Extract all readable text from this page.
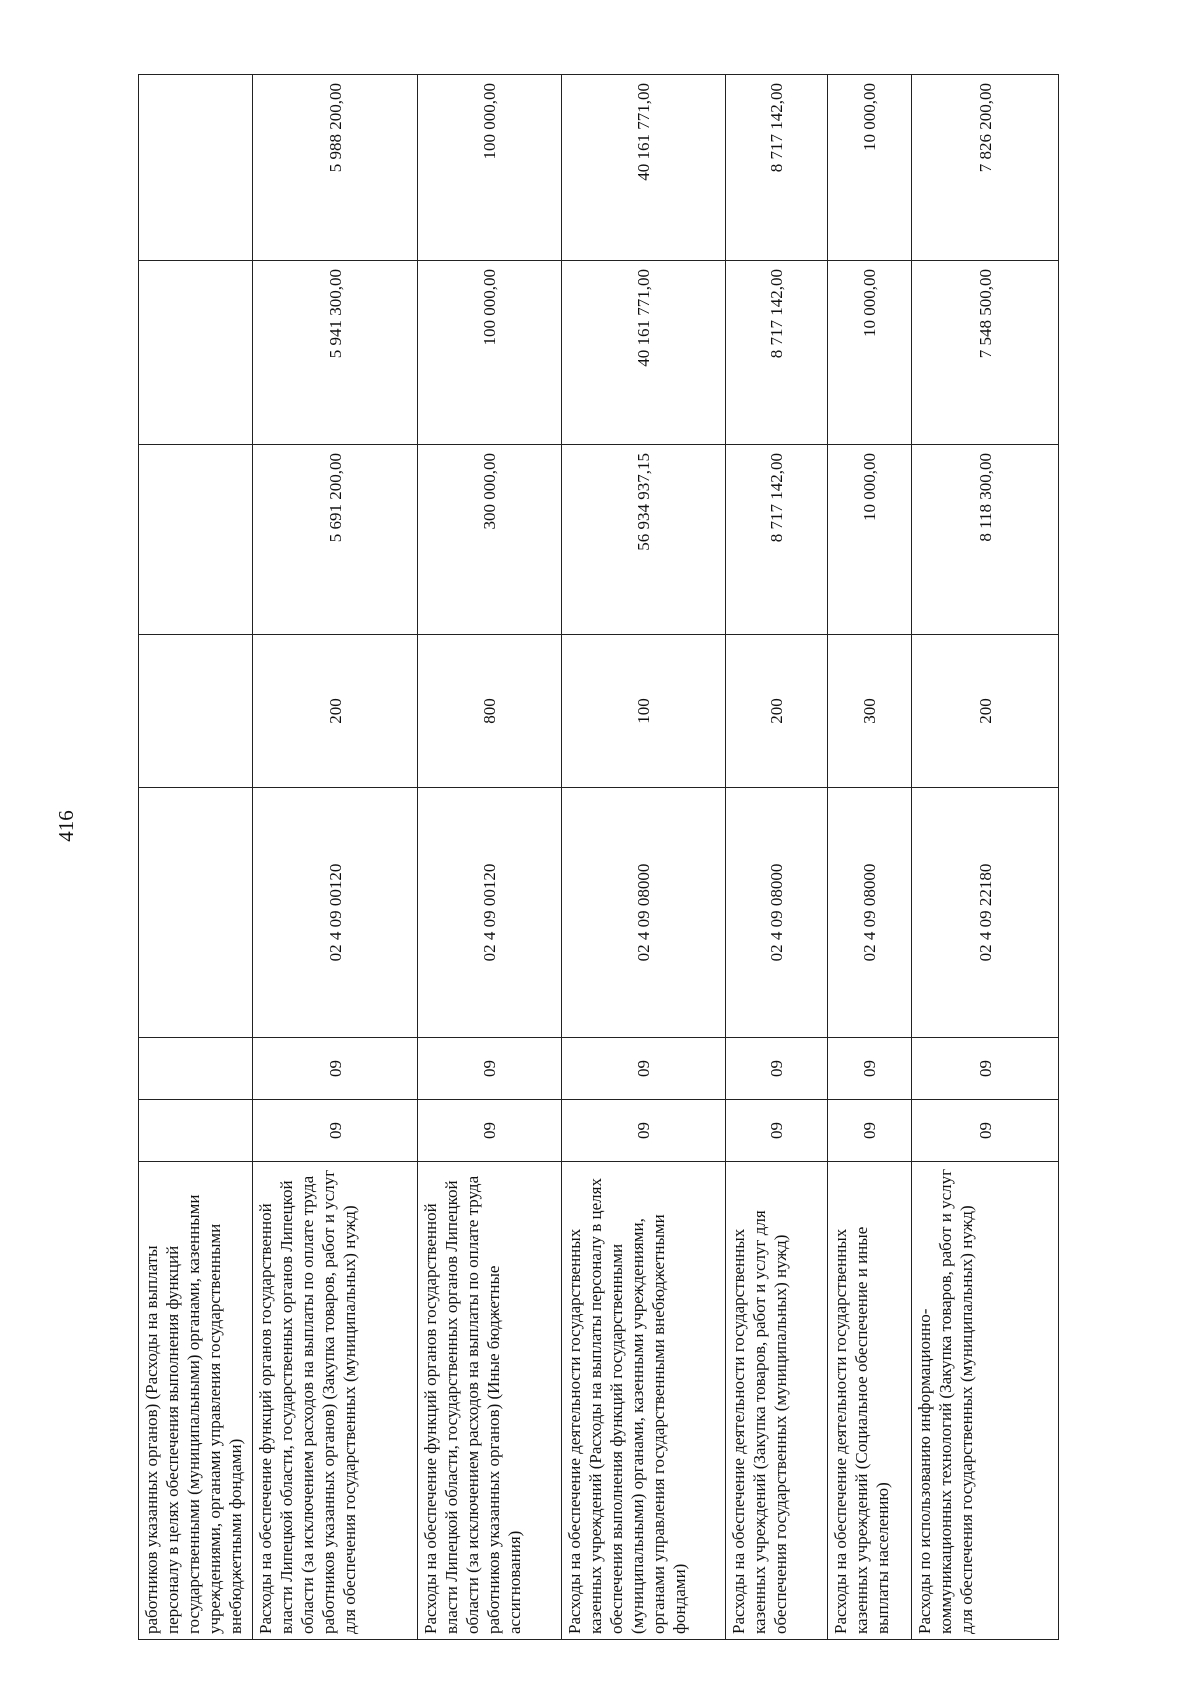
416
работников указанных органов) (Расходы на выплаты персоналу в целях обеспечения выполнения функций государственными (муниципальными) органами, казенными учреждениями, органами управления государственными внебюджетными фондами)							
Расходы на обеспечение функций органов государственной власти Липецкой области, государственных органов Липецкой области (за исключением расходов на выплаты по оплате труда работников указанных органов) (Закупка товаров, работ и услуг для обеспечения государственных (муниципальных) нужд)	09	09	02 4 09 00120	200	5 691 200,00	5 941 300,00	5 988 200,00
Расходы на обеспечение функций органов государственной власти Липецкой области, государственных органов Липецкой области (за исключением расходов на выплаты по оплате труда работников указанных органов) (Иные бюджетные ассигнования)	09	09	02 4 09 00120	800	300 000,00	100 000,00	100 000,00
Расходы на обеспечение деятельности государственных казенных учреждений (Расходы на выплаты персоналу в целях обеспечения выполнения функций государственными (муниципальными) органами, казенными учреждениями, органами управления государственными внебюджетными фондами)	09	09	02 4 09 08000	100	56 934 937,15	40 161 771,00	40 161 771,00
Расходы на обеспечение деятельности государственных казенных учреждений (Закупка товаров, работ и услуг для обеспечения государственных (муниципальных) нужд)	09	09	02 4 09 08000	200	8 717 142,00	8 717 142,00	8 717 142,00
Расходы на обеспечение деятельности государственных казенных учреждений (Социальное обеспечение и иные выплаты населению)	09	09	02 4 09 08000	300	10 000,00	10 000,00	10 000,00
Расходы по использованию информационно-коммуникационных технологий (Закупка товаров, работ и услуг для обеспечения государственных (муниципальных) нужд)	09	09	02 4 09 22180	200	8 118 300,00	7 548 500,00	7 826 200,00
